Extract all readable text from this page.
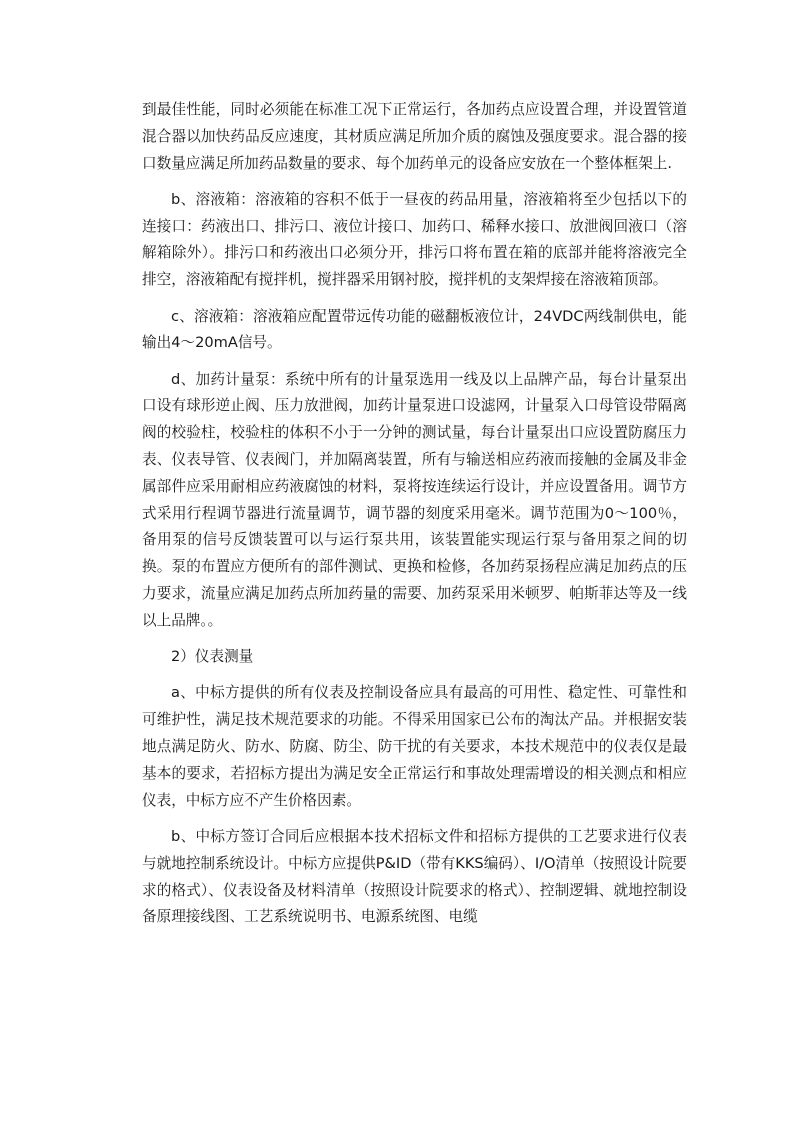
到最佳性能，同时必须能在标准工况下正常运行，各加药点应设置合理，并设置管道混合器以加快药品反应速度，其材质应满足所加介质的腐蚀及强度要求。混合器的接口数量应满足所加药品数量的要求、每个加药单元的设备应安放在一个整体框架上.

b、溶液箱：溶液箱的容积不低于一昼夜的药品用量，溶液箱将至少包括以下的连接口：药液出口、排污口、液位计接口、加药口、稀释水接口、放泄阀回液口（溶解箱除外）。排污口和药液出口必须分开，排污口将布置在箱的底部并能将溶液完全排空，溶液箱配有搅拌机，搅拌器采用钢衬胶，搅拌机的支架焊接在溶液箱顶部。

c、溶液箱：溶液箱应配置带远传功能的磁翻板液位计，24VDC两线制供电，能输出4～20mA信号。

d、加药计量泵：系统中所有的计量泵选用一线及以上品牌产品，每台计量泵出口设有球形逆止阀、压力放泄阀，加药计量泵进口设滤网，计量泵入口母管设带隔离阀的校验柱，校验柱的体积不小于一分钟的测试量，每台计量泵出口应设置防腐压力表、仪表导管、仪表阀门，并加隔离装置，所有与输送相应药液而接触的金属及非金属部件应采用耐相应药液腐蚀的材料，泵将按连续运行设计，并应设置备用。调节方式采用行程调节器进行流量调节，调节器的刻度采用毫米。调节范围为0～100％，备用泵的信号反馈装置可以与运行泵共用，该装置能实现运行泵与备用泵之间的切换。泵的布置应方便所有的部件测试、更换和检修，各加药泵扬程应满足加药点的压力要求，流量应满足加药点所加药量的需要、加药泵采用米顿罗、帕斯菲达等及一线以上品牌。。

2）仪表测量

a、中标方提供的所有仪表及控制设备应具有最高的可用性、稳定性、可靠性和可维护性，满足技术规范要求的功能。不得采用国家已公布的淘汰产品。并根据安装地点满足防火、防水、防腐、防尘、防干扰的有关要求，本技术规范中的仪表仅是最基本的要求，若招标方提出为满足安全正常运行和事故处理需增设的相关测点和相应仪表，中标方应不产生价格因素。

b、中标方签订合同后应根据本技术招标文件和招标方提供的工艺要求进行仪表与就地控制系统设计。中标方应提供P&ID（带有KKS编码）、I/O清单（按照设计院要求的格式）、仪表设备及材料清单（按照设计院要求的格式）、控制逻辑、就地控制设备原理接线图、工艺系统说明书、电源系统图、电缆
